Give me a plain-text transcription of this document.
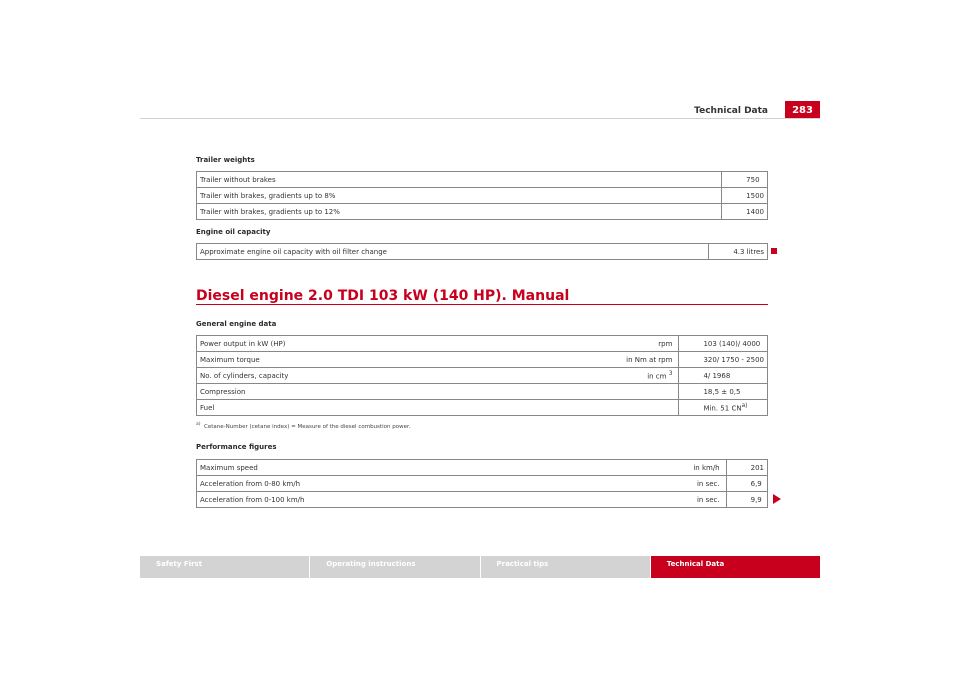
Technical Data	283
Trailer weights
Trailer without brakes		750
Trailer with brakes, gradients up to 8%		1500
Trailer with brakes, gradients up to 12%		1400
Engine oil capacity
Approximate engine oil capacity with oil filter change		4.3 litres
Diesel engine 2.0 TDI 103 kW (140 HP). Manual
General engine data
Power output in kW (HP)	rpm	103 (140)/ 4000
Maximum torque	in Nm at rpm	320/ 1750 - 2500
No. of cylinders, capacity	in cm $^3$	4/ 1968
Compression		18,5 ± 0,5
Fuel		Min. 51 CN$^{a)}$
$^{a)}$ Cetane-Number (cetane index) = Measure of the diesel combustion power.
Performance figures
Maximum speed	in km/h	201
Acceleration from 0-80 km/h	in sec.	6,9
Acceleration from 0-100 km/h	in sec.	9,9
Safety First	Operating instructions	Practical tips	Technical Data
